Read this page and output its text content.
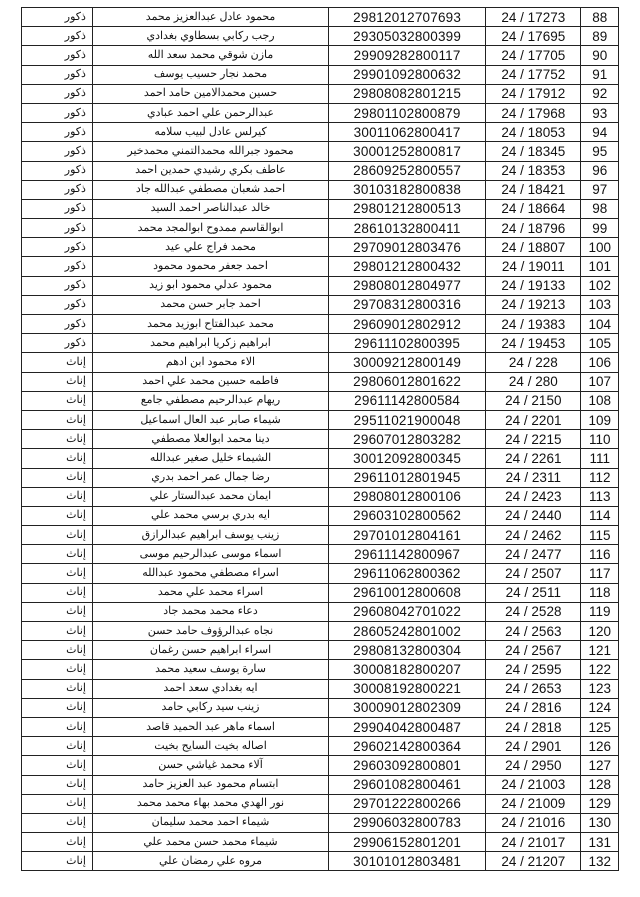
ذكور	محمود عادل عبدالعزيز محمد	29812012707693	24 / 17273	88
ذكور	رجب ركابي بسطاوي بغدادي	29305032800399	24 / 17695	89
ذكور	مازن شوقي محمد سعد الله	29909282800117	24 / 17705	90
ذكور	محمد نجار حسيب يوسف	29901092800632	24 / 17752	91
ذكور	حسين محمدالامين حامد احمد	29808082801215	24 / 17912	92
ذكور	عبدالرحمن علي احمد عبادي	29801102800879	24 / 17968	93
ذكور	كيرلس عادل لبيب سلامه	30011062800417	24 / 18053	94
ذكور	محمود جبرالله محمدالتمني محمدخير	30001252800817	24 / 18345	95
ذكور	عاطف بكري رشيدي حمدين احمد	28609252800557	24 / 18353	96
ذكور	احمد شعبان مصطفي عبدالله جاد	30103182800838	24 / 18421	97
ذكور	خالد عبدالناصر احمد السيد	29801212800513	24 / 18664	98
ذكور	ابوالقاسم ممدوح ابوالمجد محمد	28610132800411	24 / 18796	99
ذكور	محمد فراج علي عيد	29709012803476	24 / 18807	100
ذكور	احمد جعفر محمود محمود	29801212800432	24 / 19011	101
ذكور	محمود عدلي محمود ابو زيد	29808012804977	24 / 19133	102
ذكور	احمد جابر حسن محمد	29708312800316	24 / 19213	103
ذكور	محمد عبدالفتاح ابوزيد محمد	29609012802912	24 / 19383	104
ذكور	ابراهيم زكريا ابراهيم محمد	29611102800395	24 / 19453	105
إناث	الاء محمود ابن ادهم	30009212800149	24 / 228	106
إناث	فاطمه حسين محمد علي احمد	29806012801622	24 / 280	107
إناث	ريهام عبدالرحيم مصطفي جامع	29611142800584	24 / 2150	108
إناث	شيماء صابر عبد العال اسماعيل	29511021900048	24 / 2201	109
إناث	دينا محمد ابوالعلا مصطفي	29607012803282	24 / 2215	110
إناث	الشيماء خليل صغير عبدالله	30012092800345	24 / 2261	111
إناث	رضا جمال عمر احمد بدري	29611012801945	24 / 2311	112
إناث	ايمان محمد عبدالستار علي	29808012800106	24 / 2423	113
إناث	ايه بدري برسي محمد علي	29603102800562	24 / 2440	114
إناث	زينب يوسف ابراهيم عبدالرازق	29701012804161	24 / 2462	115
إناث	اسماء موسى عبدالرحيم موسى	29611142800967	24 / 2477	116
إناث	اسراء مصطفي محمود عبدالله	29611062800362	24 / 2507	117
إناث	اسراء محمد علي محمد	29610012800608	24 / 2511	118
إناث	دعاء محمد محمد جاد	29608042701022	24 / 2528	119
إناث	نجاه عبدالرؤوف حامد حسن	28605242801002	24 / 2563	120
إناث	اسراء ابراهيم حسن رغمان	29808132800304	24 / 2567	121
إناث	سارة يوسف سعيد محمد	30008182800207	24 / 2595	122
إناث	ايه بغدادي سعد احمد	30008192800221	24 / 2653	123
إناث	زينب سيد ركابي حامد	30009012802309	24 / 2816	124
إناث	اسماء ماهر عبد الحميد قاصد	29904042800487	24 / 2818	125
إناث	اصاله بخيت السايح بخيت	29602142800364	24 / 2901	126
إناث	آلاء محمد غياشي حسن	29603092800801	24 / 2950	127
إناث	ابتسام محمود عبد العزيز حامد	29601082800461	24 / 21003	128
إناث	نور الهدي محمد بهاء محمد محمد	29701222800266	24 / 21009	129
إناث	شيماء احمد محمد سليمان	29906032800783	24 / 21016	130
إناث	شيماء محمد حسن محمد علي	29906152801201	24 / 21017	131
إناث	مروه علي رمضان علي	30101012803481	24 / 21207	132
